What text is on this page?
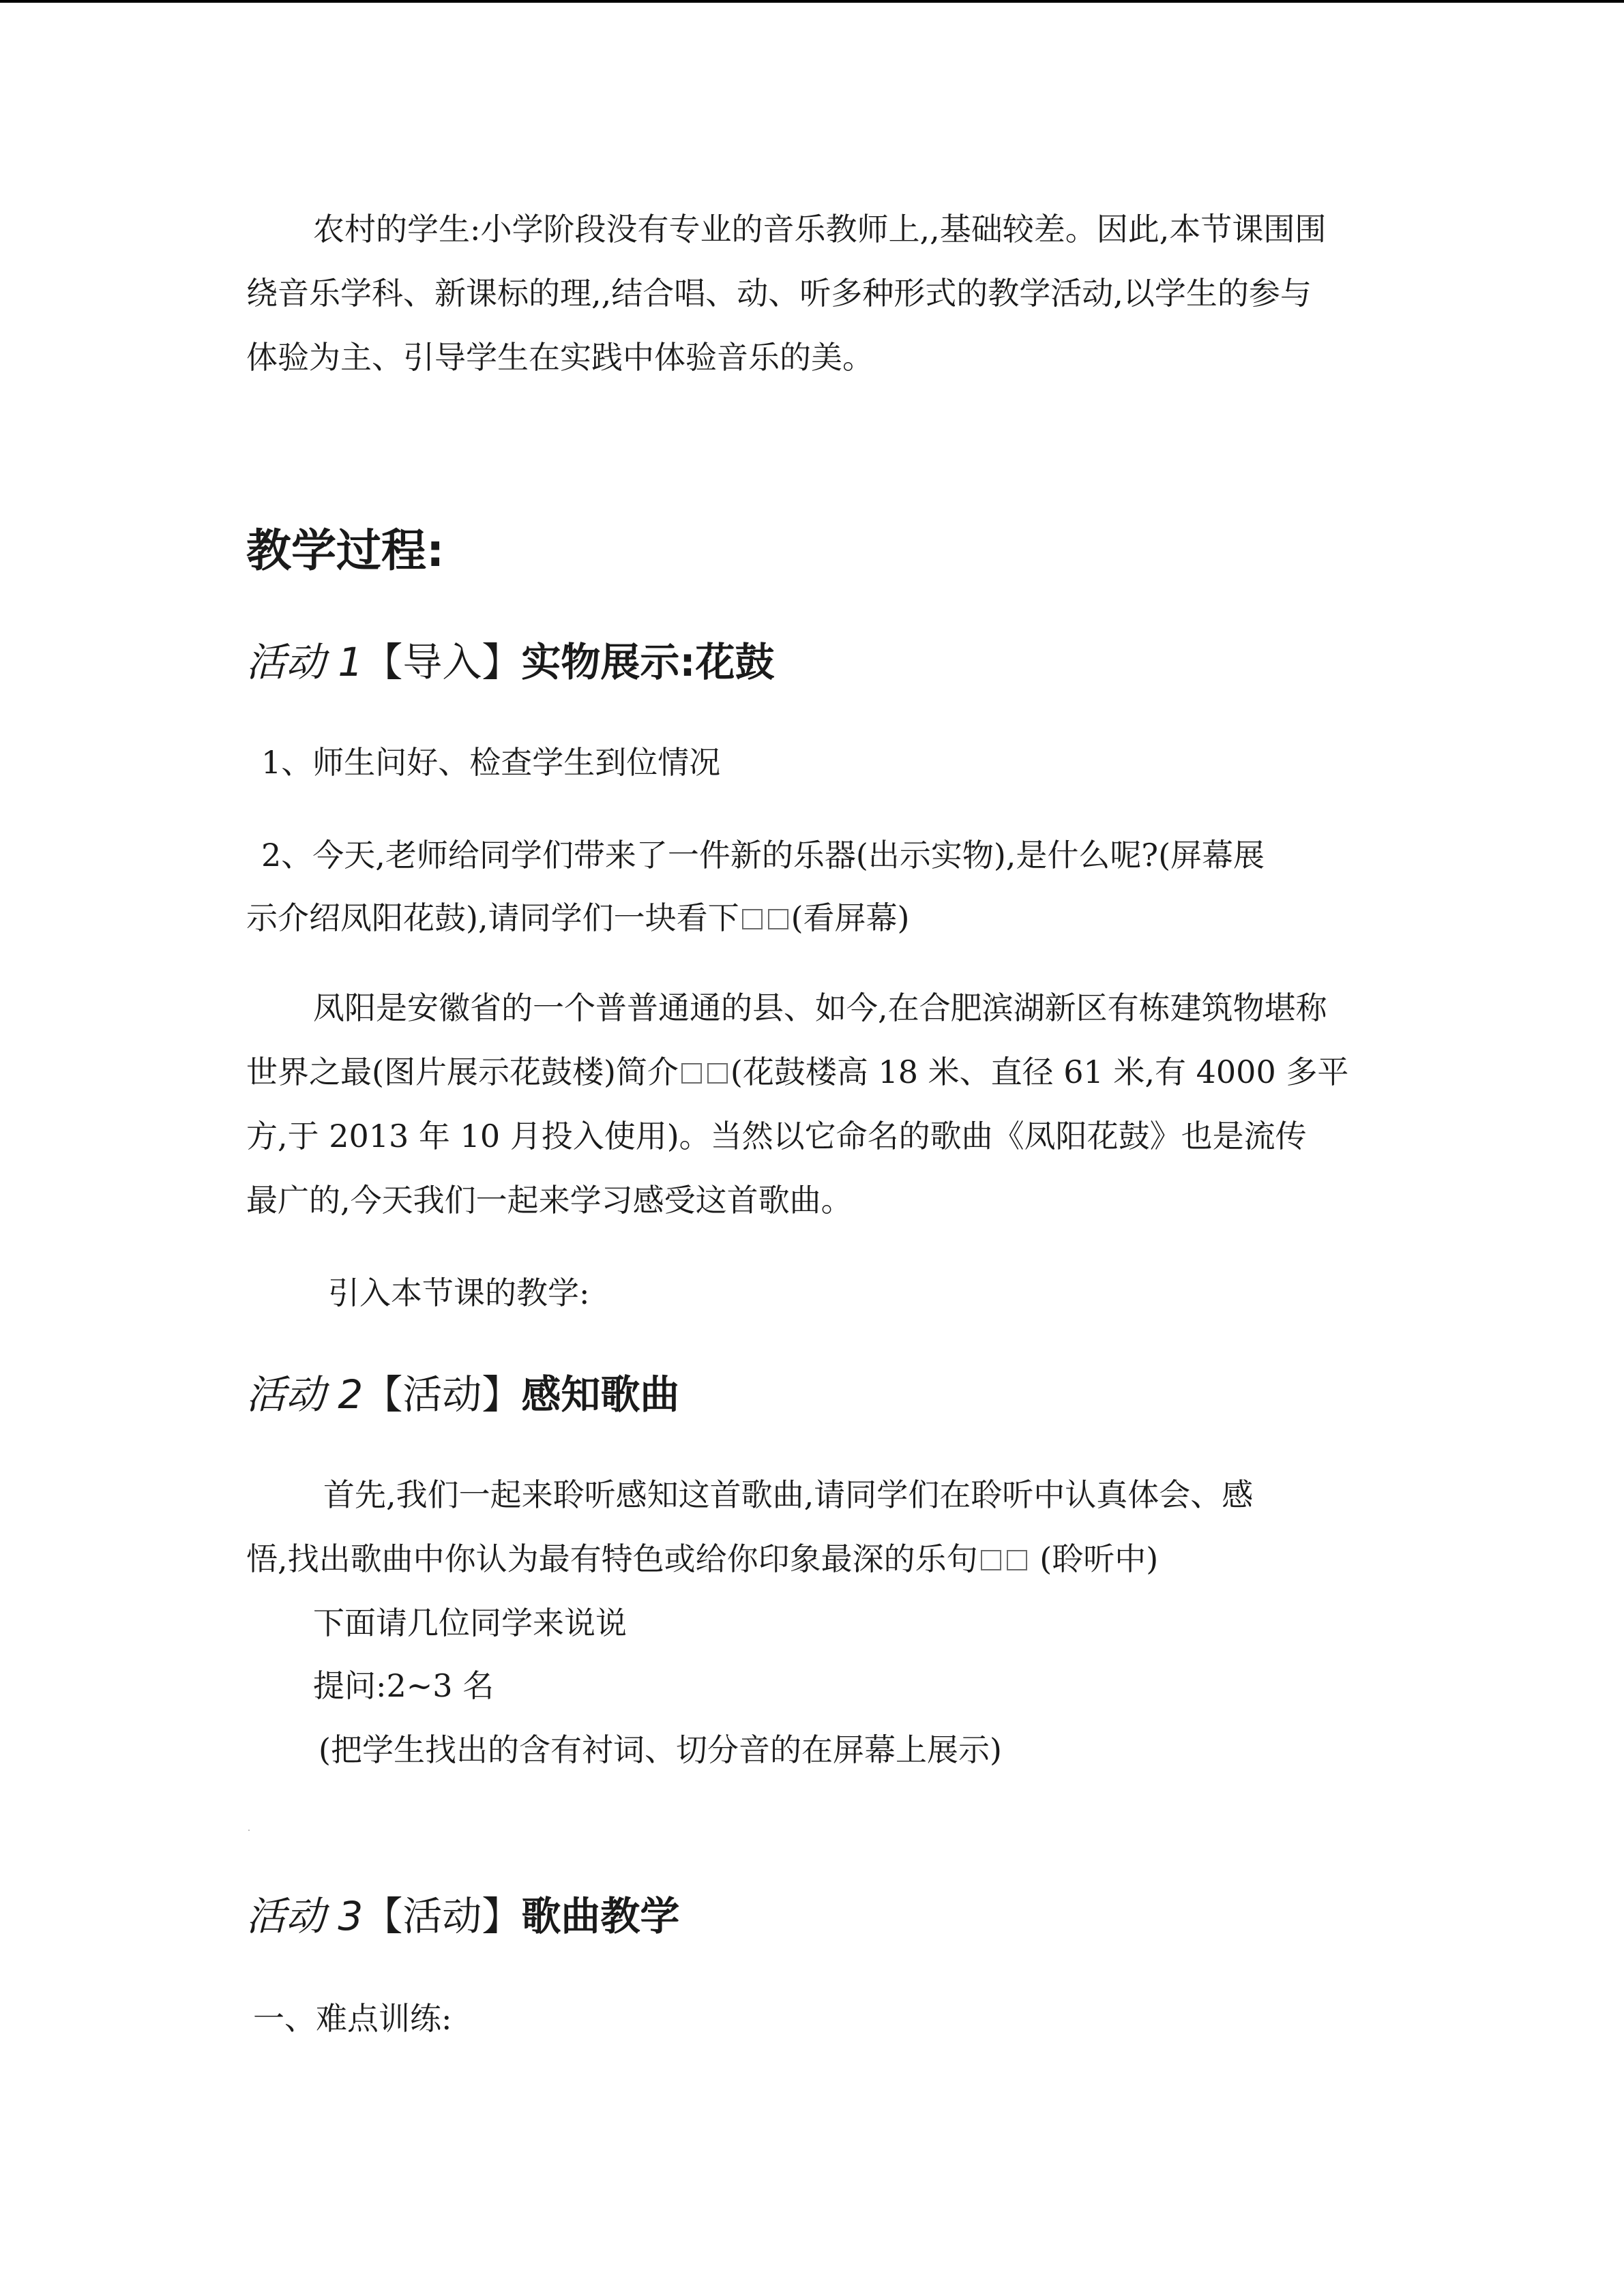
农村的学生:小学阶段没有专业的音乐教师上,,基础较差。因此,本节课围围
绕音乐学科、新课标的理,,结合唱、动、听多种形式的教学活动,以学生的参与
体验为主、引导学生在实践中体验音乐的美。
教学过程:
活动 1【导入】实物展示:花鼓
1、师生问好、检查学生到位情况
2、今天,老师给同学们带来了一件新的乐器(出示实物),是什么呢?(屏幕展
示介绍凤阳花鼓),请同学们一块看下 (看屏幕)
凤阳是安徽省的一个普普通通的县、如今,在合肥滨湖新区有栋建筑物堪称
世界之最(图片展示花鼓楼)简介 (花鼓楼高 18 米、直径 61 米,有 4000 多平
方,于 2013 年 10 月投入使用)。当然以它命名的歌曲《凤阳花鼓》也是流传
最广的,今天我们一起来学习感受这首歌曲。
引入本节课的教学:
活动 2【活动】感知歌曲
首先,我们一起来聆听感知这首歌曲,请同学们在聆听中认真体会、感
悟,找出歌曲中你认为最有特色或给你印象最深的乐句 (聆听中)
下面请几位同学来说说
提问:2~3 名
(把学生找出的含有衬词、切分音的在屏幕上展示)
活动 3【活动】歌曲教学
一、难点训练:
